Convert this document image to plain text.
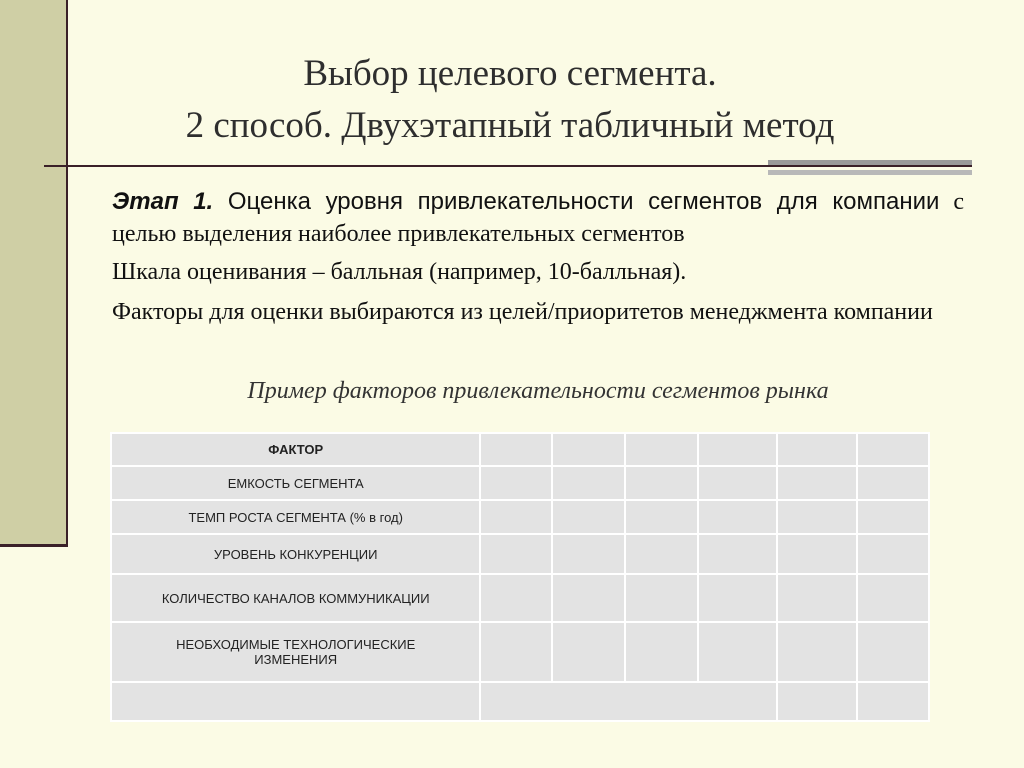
Выбор целевого сегмента.
2 способ. Двухэтапный табличный метод
Этап 1. Оценка уровня привлекательности сегментов для компании с целью выделения наиболее привлекательных сегментов
Шкала оценивания – балльная (например, 10-балльная).
Факторы для оценки выбираются из целей/приоритетов менеджмента компании
Пример факторов привлекательности сегментов рынка
ФАКТОР						
ЕМКОСТЬ СЕГМЕНТА						
ТЕМП РОСТА СЕГМЕНТА (% в год)						
УРОВЕНЬ КОНКУРЕНЦИИ						
КОЛИЧЕСТВО КАНАЛОВ КОММУНИКАЦИИ						
НЕОБХОДИМЫЕ ТЕХНОЛОГИЧЕСКИЕ ИЗМЕНЕНИЯ						
